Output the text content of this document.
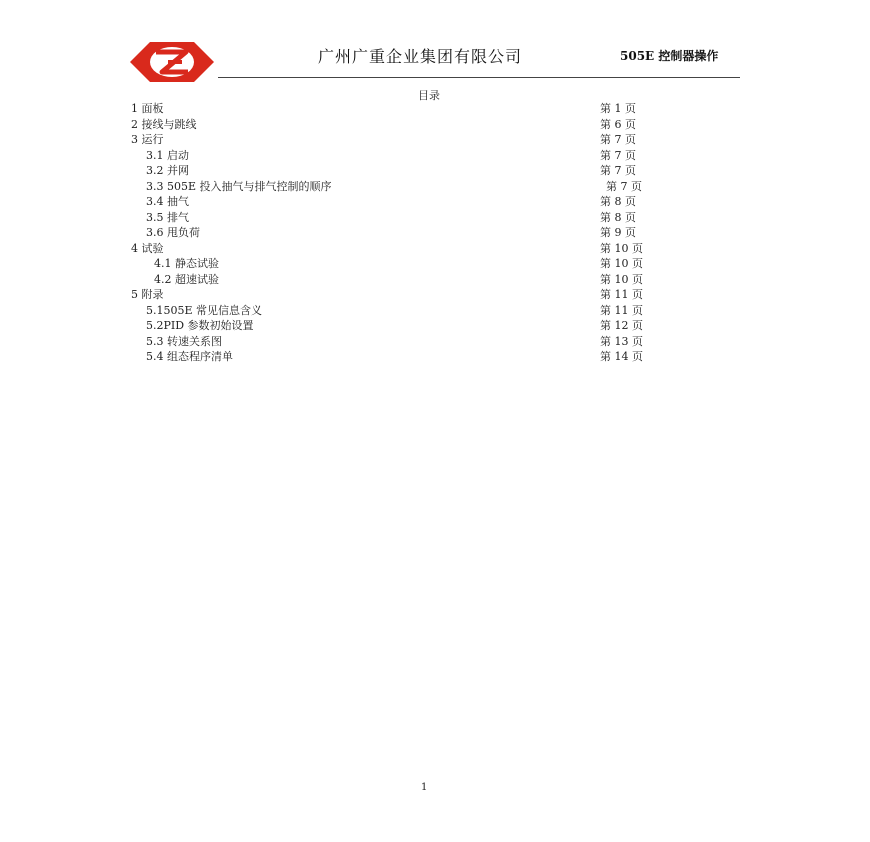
广州广重企业集团有限公司	505E 控制器操作
目录
1 面板	第 1 页
2 接线与跳线	第 6 页
3 运行	第 7 页
3.1 启动	第 7 页
3.2 并网	第 7 页
3.3 505E 投入抽气与排气控制的顺序	第 7 页
3.4 抽气	第 8 页
3.5 排气	第 8 页
3.6 甩负荷	第 9 页
4 试验	第 10 页
4.1 静态试验	第 10 页
4.2 超速试验	第 10 页
5 附录	第 11 页
5.1505E 常见信息含义	第 11 页
5.2PID 参数初始设置	第 12 页
5.3 转速关系图	第 13 页
5.4 组态程序清单	第 14 页
1
